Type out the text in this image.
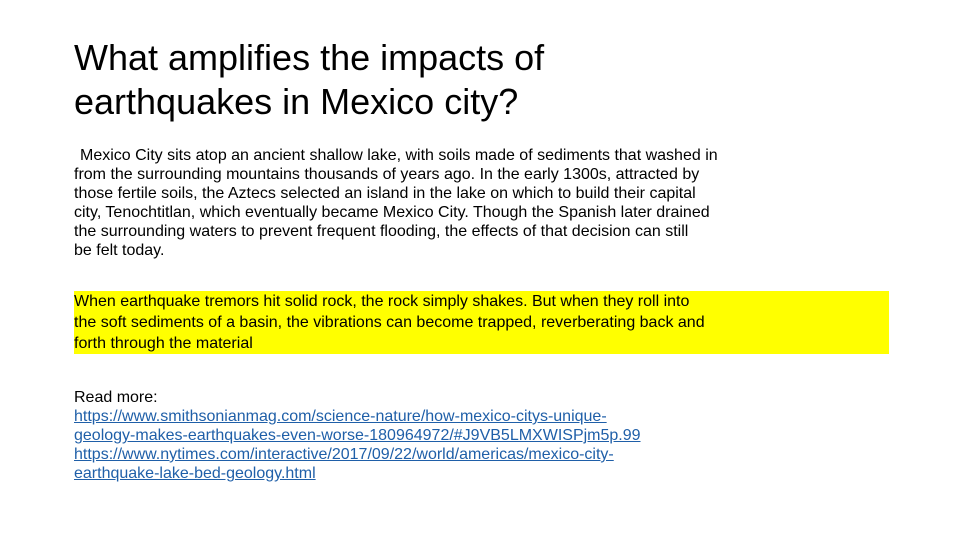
What amplifies the impacts of
earthquakes in Mexico city?

Mexico City sits atop an ancient shallow lake, with soils made of sediments that washed in
from the surrounding mountains thousands of years ago. In the early 1300s, attracted by
those fertile soils, the Aztecs selected an island in the lake on which to build their capital
city, Tenochtitlan, which eventually became Mexico City. Though the Spanish later drained
the surrounding waters to prevent frequent flooding, the effects of that decision can still
be felt today.

When earthquake tremors hit solid rock, the rock simply shakes. But when they roll into
the soft sediments of a basin, the vibrations can become trapped, reverberating back and
forth through the material

Read more:
https://www.smithsonianmag.com/science-nature/how-mexico-citys-unique-
geology-makes-earthquakes-even-worse-180964972/#J9VB5LMXWISPjm5p.99
https://www.nytimes.com/interactive/2017/09/22/world/americas/mexico-city-
earthquake-lake-bed-geology.html
